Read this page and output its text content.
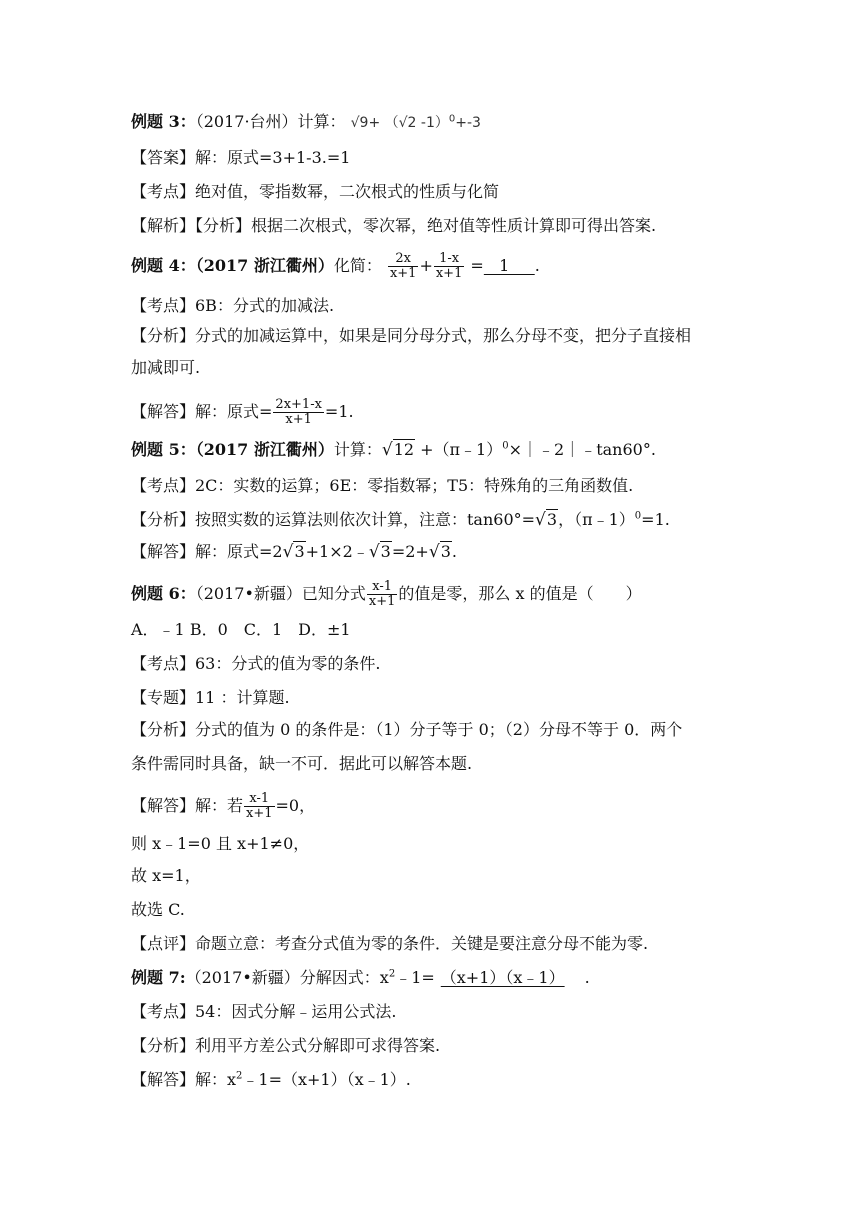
例题 3：（2017·台州）计算： √9+ （√2 -1）$^0$+-3
【答案】解：原式=3+1-3.=1
【考点】绝对值，零指数幂，二次根式的性质与化简
【解析】【分析】根据二次根式，零次幂，绝对值等性质计算即可得出答案.
例题 4：（2017 浙江衢州）化简： $\frac{2x}{x+1} + \frac{1-x}{x+1} = 1$     .
【考点】6B：分式的加减法.
【分析】分式的加减运算中，如果是同分母分式，那么分母不变，把分子直接相
加减即可.
【解答】解：原式= $\frac{2x+1-x}{x+1} =1$.
例题 5：（2017 浙江衢州）计算：√12 +（π﹣1）$^0$×｜﹣2｜﹣tan60°.
【考点】2C：实数的运算；6E：零指数幂；T5：特殊角的三角函数值.
【分析】按照实数的运算法则依次计算，注意：tan60°=√3，（π﹣1）$^0$=1.
【解答】解：原式=2√3+1×2﹣√3=2+√3.
例题 6：（2017•新疆）已知分式 $\frac{x-1}{x+1}$ 的值是零，那么 x 的值是（　　）
A．﹣1 B．0　C．1　D．±1
【考点】63：分式的值为零的条件.
【专题】11 ：计算题.
【分析】分式的值为 0 的条件是：（1）分子等于 0；（2）分母不等于 0．两个
条件需同时具备，缺一不可．据此可以解答本题.
【解答】解：若 $\frac{x-1}{x+1} =0$，
则 x﹣1=0 且 x+1≠0，
故 x=1，
故选 C.
【点评】命题立意：考查分式值为零的条件．关键是要注意分母不能为零.
例题 7:（2017•新疆）分解因式：$x^2﹣1=$ （x+1）（x﹣1） .
【考点】54：因式分解﹣运用公式法.
【分析】利用平方差公式分解即可求得答案.
【解答】解：$x^2﹣1=(x+1)(x﹣1)$.
